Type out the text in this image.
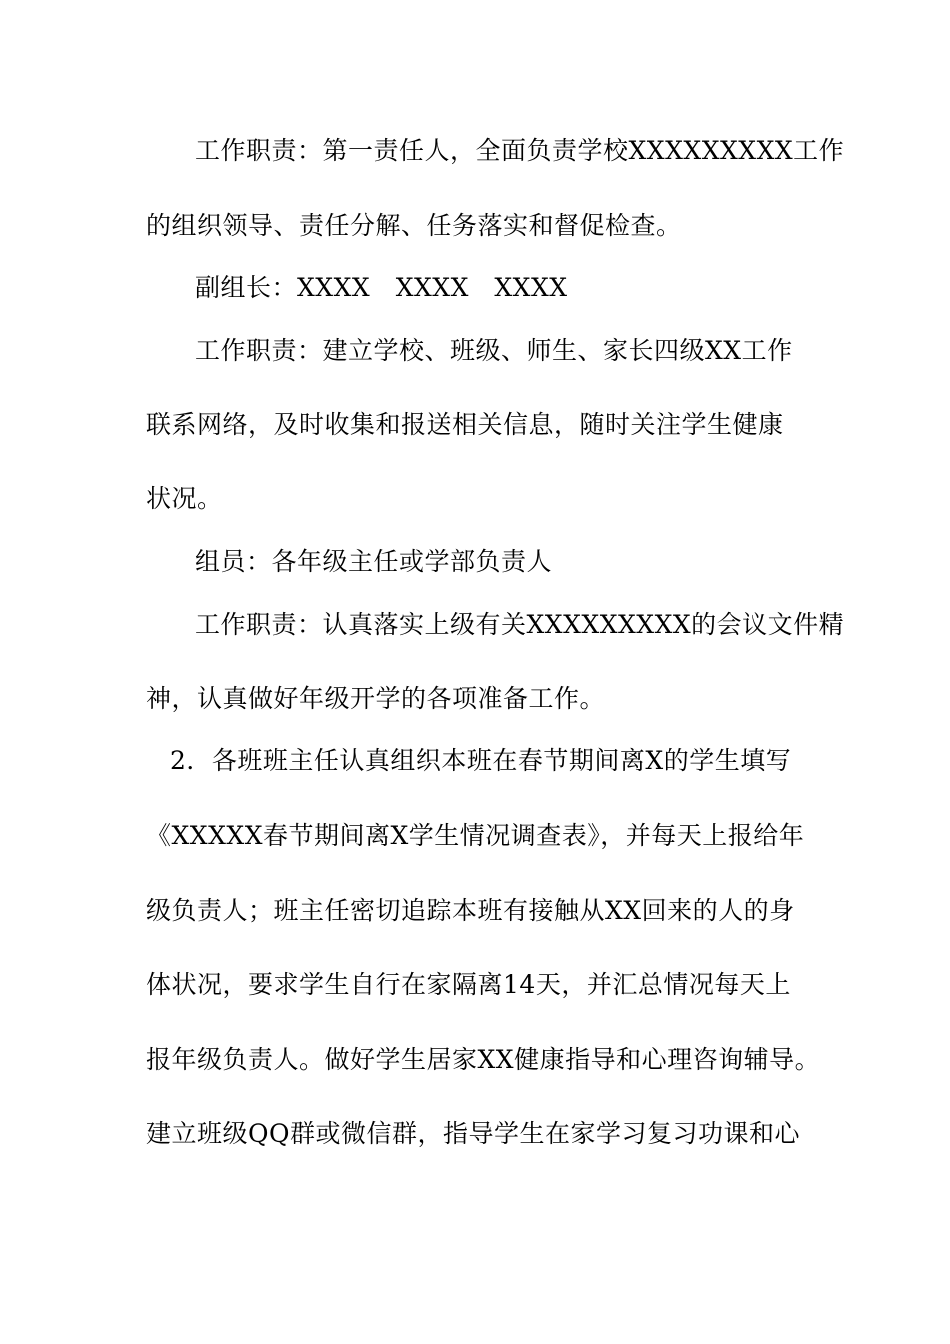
工作职责：第一责任人，全面负责学校XXXXXXXXX工作
的组织领导、责任分解、任务落实和督促检查。
副组长：XXXX　XXXX　XXXX
工作职责：建立学校、班级、师生、家长四级XX工作
联系网络，及时收集和报送相关信息，随时关注学生健康
状况。
组员：各年级主任或学部负责人
工作职责：认真落实上级有关XXXXXXXXX的会议文件精
神，认真做好年级开学的各项准备工作。
2．各班班主任认真组织本班在春节期间离X的学生填写
《XXXXX春节期间离X学生情况调查表》，并每天上报给年
级负责人；班主任密切追踪本班有接触从XX回来的人的身
体状况，要求学生自行在家隔离14天，并汇总情况每天上
报年级负责人。做好学生居家XX健康指导和心理咨询辅导。
建立班级QQ群或微信群，指导学生在家学习复习功课和心
